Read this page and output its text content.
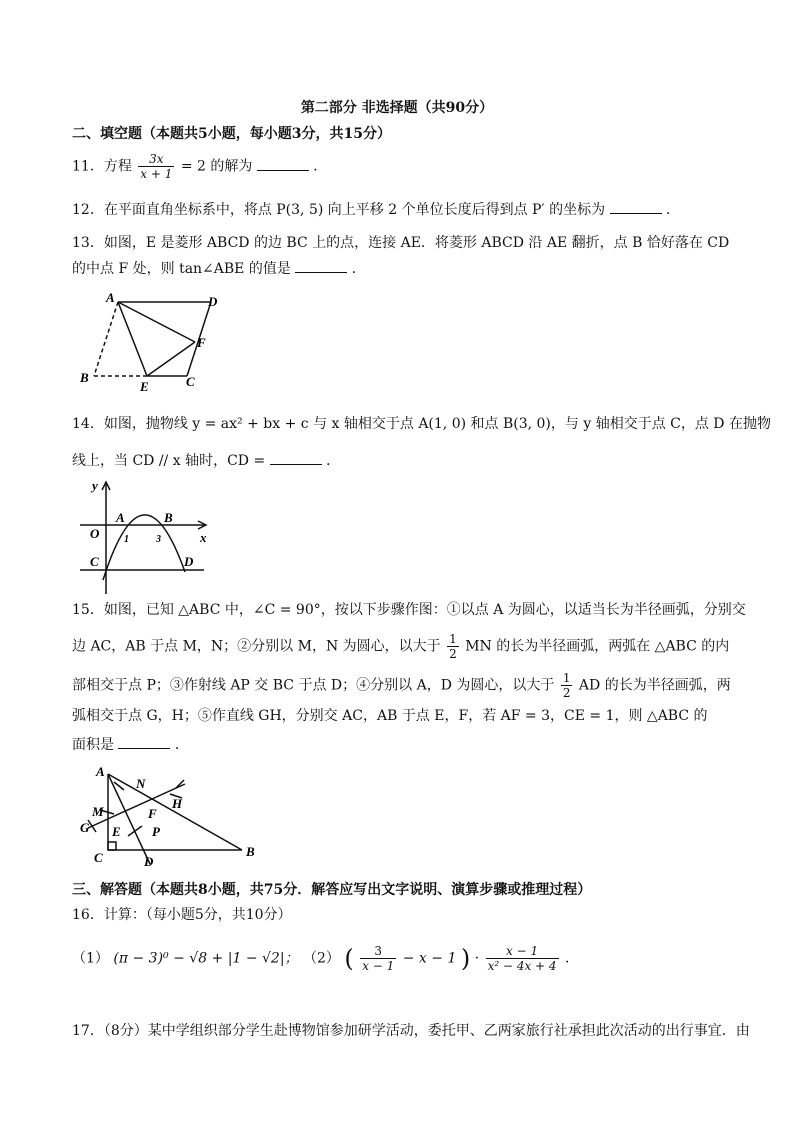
第二部分 非选择题（共90分）
二、填空题（本题共5小题，每小题3分，共15分）
11．方程 $\frac{3x}{x + 1} = 2$ 的解为	．
12．在平面直角坐标系中，将点 P(3, 5) 向上平移 2 个单位长度后得到点 P′ 的坐标为	．
13．如图，E 是菱形 ABCD 的边 BC 上的点，连接 AE．将菱形 ABCD 沿 AE 翻折，点 B 恰好落在 CD
的中点 F 处，则 tan∠ABE 的值是	．
A	D
F
B
E	C
14．如图，抛物线 y = ax² + bx + c 与 x 轴相交于点 A(1, 0) 和点 B(3, 0)，与 y 轴相交于点 C，点 D 在抛物
线上，当 CD // x 轴时，CD =	．
y
x
O
A	B
C	D
1	3
15．如图，已知 △ABC 中，∠C = 90°，按以下步骤作图：①以点 A 为圆心，以适当长为半径画弧，分别交
边 AC，AB 于点 M，N；②分别以 M，N 为圆心，以大于 $\frac{1}{2}$ MN 的长为半径画弧，两弧在 △ABC 的内
部相交于点 P；③作射线 AP 交 BC 于点 D；④分别以 A，D 为圆心，以大于 $\frac{1}{2}$ AD 的长为半径画弧，两
弧相交于点 G，H；⑤作直线 GH，分别交 AC，AB 于点 E，F，若 AF = 3，CE = 1，则 △ABC 的
面积是	．
A
N
H
M	F
G E P
C	D
B
三、解答题（本题共8小题，共75分．解答应写出文字说明、演算步骤或推理过程）
16．计算：（每小题5分，共10分）
（1） (π − 3)⁰ − √8 + |1 − √2|； （2） ( $\frac{3}{x - 1} - x - 1$ ) · $\frac{x - 1}{\text{x² − 4x + 4}}$ ．
17．（8分）某中学组织部分学生赴博物馆参加研学活动，委托甲、乙两家旅行社承担此次活动的出行事宜．由
